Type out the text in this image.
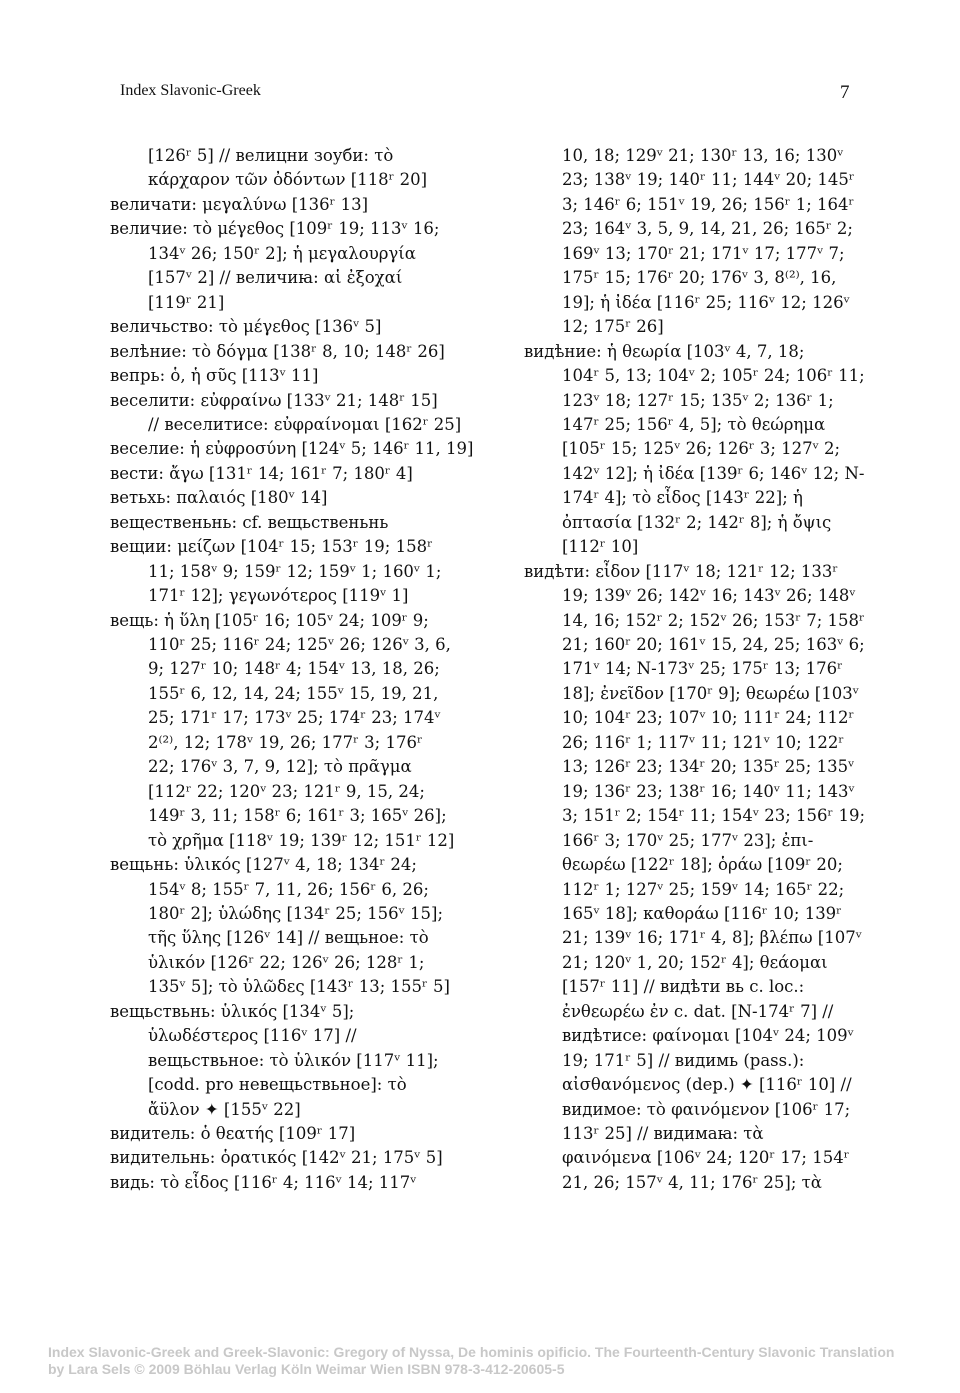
Index Slavonic-Greek	7
[126ʳ 5] // велицни зоуби: τὸ
κάρχαρον τῶν ὀδόντων [118ʳ 20]
величати: μεγαλύνω [136ʳ 13]
величие: τὸ μέγεθος [109ʳ 19; 113ᵛ 16;
134ᵛ 26; 150ʳ 2]; ἡ μεγαλουργία
[157ᵛ 2] // величиꙗ: αἱ ἐξοχαί
[119ʳ 21]
величьство: τὸ μέγεθος [136ᵛ 5]
велѣние: τὸ δόγμα [138ʳ 8, 10; 148ʳ 26]
вепрь: ὁ, ἡ σῦς [113ᵛ 11]
веселити: εὐφραίνω [133ᵛ 21; 148ʳ 15]
// веселитисе: εὐφραίνομαι [162ʳ 25]
веселие: ἡ εὐφροσύνη [124ᵛ 5; 146ʳ 11, 19]
вести: ἄγω [131ʳ 14; 161ʳ 7; 180ʳ 4]
ветьхь: παλαιός [180ᵛ 14]
вещественьнь: cf. вещьственьнь
вещии: μείζων [104ʳ 15; 153ʳ 19; 158ʳ
11; 158ᵛ 9; 159ʳ 12; 159ᵛ 1; 160ᵛ 1;
171ʳ 12]; γεγωνότερος [119ᵛ 1]
вещь: ἡ ὕλη [105ʳ 16; 105ᵛ 24; 109ʳ 9;
110ʳ 25; 116ʳ 24; 125ᵛ 26; 126ᵛ 3, 6,
9; 127ʳ 10; 148ʳ 4; 154ᵛ 13, 18, 26;
155ʳ 6, 12, 14, 24; 155ᵛ 15, 19, 21,
25; 171ʳ 17; 173ᵛ 25; 174ʳ 23; 174ᵛ
2⁽²⁾, 12; 178ᵛ 19, 26; 177ʳ 3; 176ʳ
22; 176ᵛ 3, 7, 9, 12]; τὸ πρᾶγμα
[112ʳ 22; 120ᵛ 23; 121ʳ 9, 15, 24;
149ʳ 3, 11; 158ʳ 6; 161ʳ 3; 165ᵛ 26];
τὸ χρῆμα [118ᵛ 19; 139ʳ 12; 151ʳ 12]
вещьнь: ὑλικός [127ᵛ 4, 18; 134ʳ 24;
154ᵛ 8; 155ʳ 7, 11, 26; 156ʳ 6, 26;
180ʳ 2]; ὑλώδης [134ʳ 25; 156ᵛ 15];
τῆς ὕλης [126ᵛ 14] // вещьное: τὸ
ὑλικόν [126ʳ 22; 126ᵛ 26; 128ʳ 1;
135ᵛ 5]; τὸ ὑλῶδες [143ʳ 13; 155ʳ 5]
вещьствьнь: ὑλικός [134ᵛ 5];
ὑλωδέστερος [116ᵛ 17] //
вещьствьное: τὸ ὑλικόν [117ᵛ 11];
[codd. pro невещьствьное]: τὸ
ἄϋλον ✦ [155ᵛ 22]
видитель: ὁ θεατής [109ʳ 17]
видительнь: ὁρατικός [142ᵛ 21; 175ᵛ 5]
видь: τὸ εἶδος [116ʳ 4; 116ᵛ 14; 117ᵛ
10, 18; 129ᵛ 21; 130ʳ 13, 16; 130ᵛ
23; 138ᵛ 19; 140ʳ 11; 144ᵛ 20; 145ʳ
3; 146ʳ 6; 151ᵛ 19, 26; 156ʳ 1; 164ʳ
23; 164ᵛ 3, 5, 9, 14, 21, 26; 165ʳ 2;
169ᵛ 13; 170ʳ 21; 171ᵛ 17; 177ᵛ 7;
175ʳ 15; 176ʳ 20; 176ᵛ 3, 8⁽²⁾, 16,
19]; ἡ ἰδέα [116ʳ 25; 116ᵛ 12; 126ᵛ
12; 175ʳ 26]
видѣние: ἡ θεωρία [103ᵛ 4, 7, 18;
104ʳ 5, 13; 104ᵛ 2; 105ʳ 24; 106ʳ 11;
123ᵛ 18; 127ʳ 15; 135ᵛ 2; 136ʳ 1;
147ʳ 25; 156ʳ 4, 5]; τὸ θεώρημα
[105ʳ 15; 125ᵛ 26; 126ʳ 3; 127ᵛ 2;
142ᵛ 12]; ἡ ἰδέα [139ʳ 6; 146ᵛ 12; N-
174ʳ 4]; τὸ εἶδος [143ʳ 22]; ἡ
ὀπτασία [132ʳ 2; 142ʳ 8]; ἡ ὄψις
[112ʳ 10]
видѣти: εἶδον [117ᵛ 18; 121ʳ 12; 133ʳ
19; 139ᵛ 26; 142ᵛ 16; 143ᵛ 26; 148ᵛ
14, 16; 152ʳ 2; 152ᵛ 26; 153ʳ 7; 158ʳ
21; 160ʳ 20; 161ᵛ 15, 24, 25; 163ᵛ 6;
171ᵛ 14; N-173ᵛ 25; 175ʳ 13; 176ʳ
18]; ἐνεῖδον [170ʳ 9]; θεωρέω [103ᵛ
10; 104ʳ 23; 107ᵛ 10; 111ʳ 24; 112ʳ
26; 116ʳ 1; 117ᵛ 11; 121ᵛ 10; 122ʳ
13; 126ʳ 23; 134ʳ 20; 135ʳ 25; 135ᵛ
19; 136ʳ 23; 138ʳ 16; 140ᵛ 11; 143ᵛ
3; 151ʳ 2; 154ʳ 11; 154ᵛ 23; 156ʳ 19;
166ʳ 3; 170ᵛ 25; 177ᵛ 23]; ἐπι-
θεωρέω [122ʳ 18]; ὁράω [109ʳ 20;
112ʳ 1; 127ᵛ 25; 159ᵛ 14; 165ʳ 22;
165ᵛ 18]; καθοράω [116ʳ 10; 139ʳ
21; 139ᵛ 16; 171ʳ 4, 8]; βλέπω [107ᵛ
21; 120ᵛ 1, 20; 152ʳ 4]; θεάομαι
[157ʳ 11] // видѣти вь c. loc.:
ἐνθεωρέω ἐν c. dat. [N-174ʳ 7] //
видѣтисе: φαίνομαι [104ᵛ 24; 109ᵛ
19; 171ʳ 5] // видимь (pass.):
αἰσθανόμενος (dep.) ✦ [116ʳ 10] //
видимое: τὸ φαινόμενον [106ʳ 17;
113ʳ 25] // видимаꙗ: τὰ
φαινόμενα [106ᵛ 24; 120ʳ 17; 154ʳ
21, 26; 157ᵛ 4, 11; 176ʳ 25]; τὰ
Index Slavonic-Greek and Greek-Slavonic: Gregory of Nyssa, De hominis opificio. The Fourteenth-Century Slavonic Translation
by Lara Sels © 2009 Böhlau Verlag Köln Weimar Wien ISBN 978-3-412-20605-5
